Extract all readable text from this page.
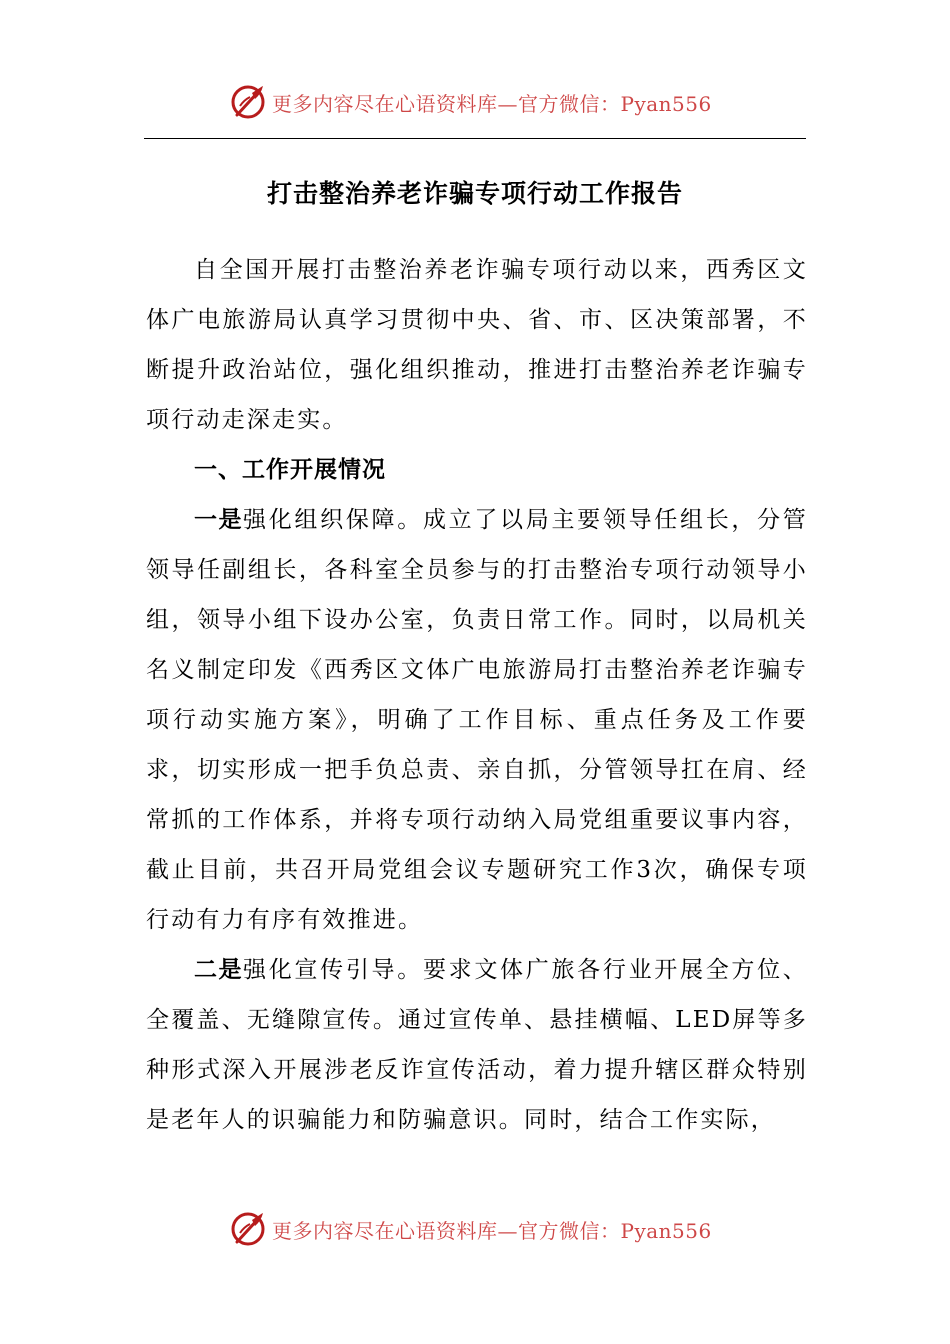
更多内容尽在心语资料库—官方微信：Pyan556
打击整治养老诈骗专项行动工作报告

自全国开展打击整治养老诈骗专项行动以来，西秀区文体广电旅游局认真学习贯彻中央、省、市、区决策部署，不断提升政治站位，强化组织推动，推进打击整治养老诈骗专项行动走深走实。

一、工作开展情况

一是强化组织保障。成立了以局主要领导任组长，分管领导任副组长，各科室全员参与的打击整治专项行动领导小组，领导小组下设办公室，负责日常工作。同时，以局机关名义制定印发《西秀区文体广电旅游局打击整治养老诈骗专项行动实施方案》，明确了工作目标、重点任务及工作要求，切实形成一把手负总责、亲自抓，分管领导扛在肩、经常抓的工作体系，并将专项行动纳入局党组重要议事内容，截止目前，共召开局党组会议专题研究工作3次，确保专项行动有力有序有效推进。

二是强化宣传引导。要求文体广旅各行业开展全方位、全覆盖、无缝隙宣传。通过宣传单、悬挂横幅、LED屏等多种形式深入开展涉老反诈宣传活动，着力提升辖区群众特别是老年人的识骗能力和防骗意识。同时，结合工作实际，

更多内容尽在心语资料库—官方微信：Pyan556
